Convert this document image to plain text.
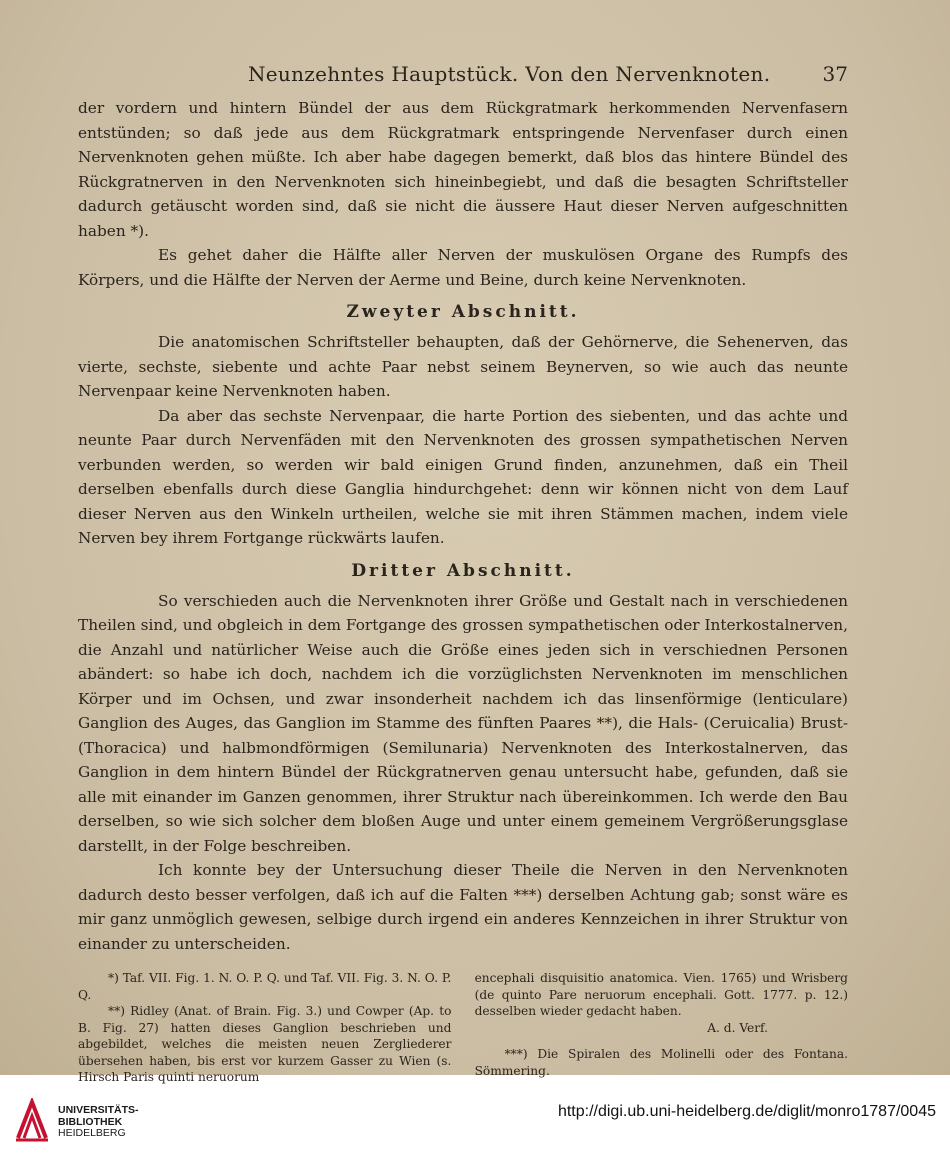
Neunzehntes Hauptstück. Von den Nervenknoten.	37

der vordern und hintern Bündel der aus dem Rückgratmark herkommenden Nervenfasern entstünden; so daß jede aus dem Rückgratmark entspringende Nervenfaser durch einen Nervenknoten gehen müßte. Ich aber habe dagegen bemerkt, daß blos das hintere Bündel des Rückgratnerven in den Nervenknoten sich hineinbegiebt, und daß die besagten Schriftsteller dadurch getäuscht worden sind, daß sie nicht die äussere Haut dieser Nerven aufgeschnitten haben *).

Es gehet daher die Hälfte aller Nerven der muskulösen Organe des Rumpfs des Körpers, und die Hälfte der Nerven der Aerme und Beine, durch keine Nervenknoten.

Zweyter Abschnitt.

Die anatomischen Schriftsteller behaupten, daß der Gehörnerve, die Sehenerven, das vierte, sechste, siebente und achte Paar nebst seinem Beynerven, so wie auch das neunte Nervenpaar keine Nervenknoten haben.

Da aber das sechste Nervenpaar, die harte Portion des siebenten, und das achte und neunte Paar durch Nervenfäden mit den Nervenknoten des grossen sympathetischen Nerven verbunden werden, so werden wir bald einigen Grund finden, anzunehmen, daß ein Theil derselben ebenfalls durch diese Ganglia hindurchgehet: denn wir können nicht von dem Lauf dieser Nerven aus den Winkeln urtheilen, welche sie mit ihren Stämmen machen, indem viele Nerven bey ihrem Fortgange rückwärts laufen.

Dritter Abschnitt.

So verschieden auch die Nervenknoten ihrer Größe und Gestalt nach in verschiedenen Theilen sind, und obgleich in dem Fortgange des grossen sympathetischen oder Interkostalnerven, die Anzahl und natürlicher Weise auch die Größe eines jeden sich in verschiednen Personen abändert: so habe ich doch, nachdem ich die vorzüglichsten Nervenknoten im menschlichen Körper und im Ochsen, und zwar insonderheit nachdem ich das linsenförmige (lenticulare) Ganglion des Auges, das Ganglion im Stamme des fünften Paares **), die Hals- (Ceruicalia) Brust- (Thoracica) und halbmondförmigen (Semilunaria) Nervenknoten des Interkostalnerven, das Ganglion in dem hintern Bündel der Rückgratnerven genau untersucht habe, gefunden, daß sie alle mit einander im Ganzen genommen, ihrer Struktur nach übereinkommen. Ich werde den Bau derselben, so wie sich solcher dem bloßen Auge und unter einem gemeinem Vergrößerungsglase darstellt, in der Folge beschreiben.

Ich konnte bey der Untersuchung dieser Theile die Nerven in den Nervenknoten dadurch desto besser verfolgen, daß ich auf die Falten ***) derselben Achtung gab; sonst wäre es mir ganz unmöglich gewesen, selbige durch irgend ein anderes Kennzeichen in ihrer Struktur von einander zu unterscheiden.

*) Taf. VII. Fig. 1. N. O. P. Q. und Taf. VII. Fig. 3. N. O. P. Q.

**) Ridley (Anat. of Brain. Fig. 3.) und Cowper (Ap. to B. Fig. 27) hatten dieses Ganglion beschrieben und abgebildet, welches die meisten neuen Zergliederer übersehen haben, bis erst vor kurzem Gasser zu Wien (s. Hirsch Paris quinti neruorum

encephali disquisitio anatomica. Vien. 1765) und Wrisberg (de quinto Pare neruorum encephali. Gott. 1777. p. 12.) desselben wieder gedacht haben.

A. d. Verf.

***) Die Spiralen des Molinelli oder des Fontana. Sömmering.

UNIVERSITÄTS-
BIBLIOTHEK
HEIDELBERG
http://digi.ub.uni-heidelberg.de/diglit/monro1787/0045
